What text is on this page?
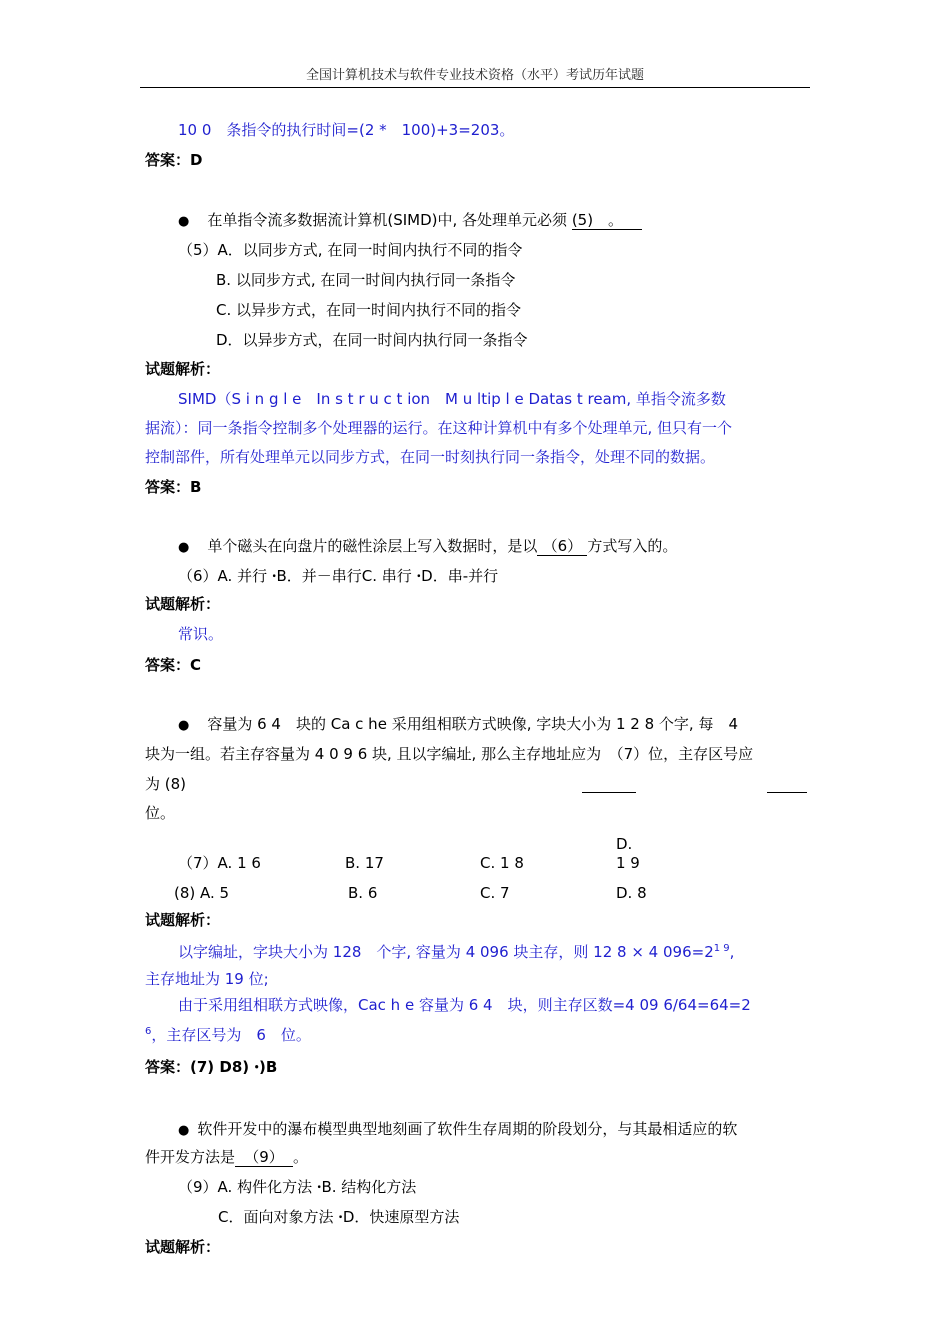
全国计算机技术与软件专业技术资格（水平）考试历年试题
10 0　条指令的执行时间=(2 *　100)+3=203。
答案：D
● 在单指令流多数据流计算机(SIMD)中, 各处理单元必须 (5)　。
（5）A．以同步方式, 在同一时间内执行不同的指令
B. 以同步方式, 在同一时间内执行同一条指令
C. 以异步方式，在同一时间内执行不同的指令
D．以异步方式，在同一时间内执行同一条指令
试题解析：
SIMD（S i n g l e　In s t r u c t ion　M u ltip l e Datas t ream, 单指令流多数
据流）：同一条指令控制多个处理器的运行。在这种计算机中有多个处理单元, 但只有一个
控制部件，所有处理单元以同步方式，在同一时刻执行同一条指令，处理不同的数据。
答案：B
● 单个磁头在向盘片的磁性涂层上写入数据时，是以 （6） 方式写入的。
（6）A. 并行 ꞏB．并－串行C. 串行 ꞏD．串-并行
试题解析：
常识。
答案：C
● 容量为 6 4　块的 Ca c he 采用组相联方式映像, 字块大小为 1 2 8 个字, 每　4
块为一组。若主存容量为 4 0 9 6 块, 且以字编址, 那么主存地址应为　（7）位，主存区号应
为 (8)
位。
D.
（7）A. 1 6	B. 17	C. 1 8	1 9
(8) A. 5	B. 6	C. 7	D. 8
试题解析：
以字编址，字块大小为 128　个字, 容量为 4 096 块主存，则 12 8 × 4 $096=2^{1 9}$,
主存地址为 19 位;
由于采用组相联方式映像，Cac h e 容量为 6 4　块，则主存区数=4 09 6/64=64=2
$^6$，主存区号为　6　位。
答案：(7) D8) ꞏ)B
● 软件开发中的瀑布模型典型地刻画了软件生存周期的阶段划分，与其最相适应的软
件开发方法是 （9） 。
（9）A. 构件化方法 ꞏB. 结构化方法
C．面向对象方法 ꞏD．快速原型方法
试题解析：
